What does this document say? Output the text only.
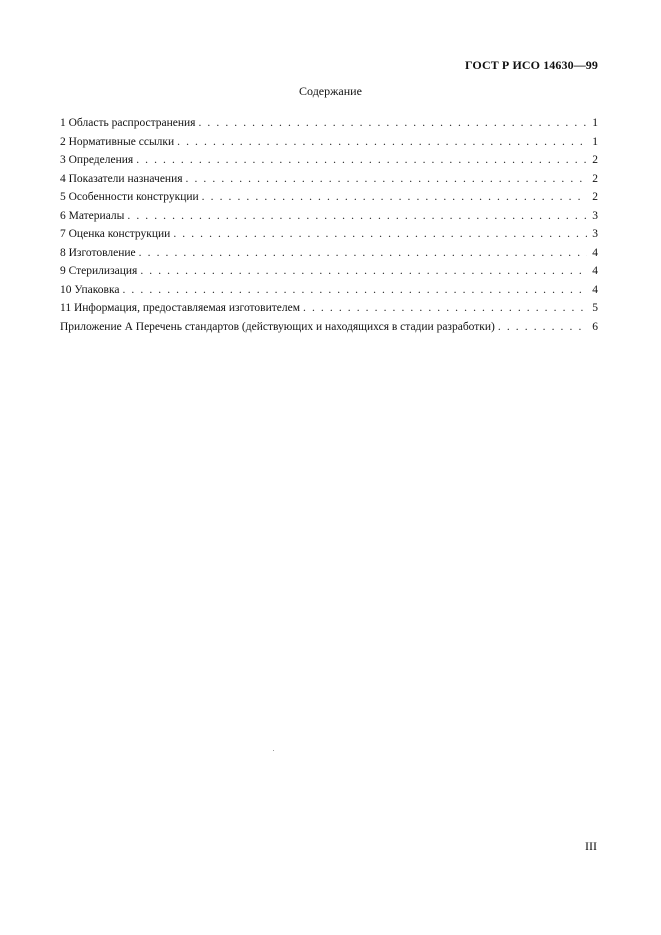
ГОСТ Р ИСО 14630—99
Содержание
1 Область распространения . . .	1
2 Нормативные ссылки . . .	1
3 Определения . . .	2
4 Показатели назначения . . .	2
5 Особенности конструкции . . .	2
6 Материалы . . .	3
7 Оценка конструкции . . .	3
8 Изготовление . . .	4
9 Стерилизация . . .	4
10 Упаковка . . .	4
11 Информация, предоставляемая изготовителем . . .	5
Приложение А Перечень стандартов (действующих и находящихся в стадии разработки) . . .	6
III
